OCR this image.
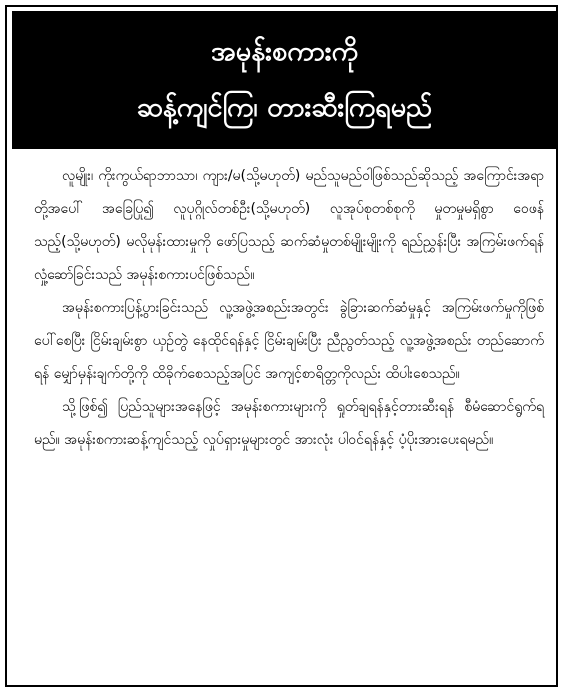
အမုန်းစကားကို
ဆန့်ကျင်ကြ၊ တားဆီးကြရမည်

လူမျိုး၊ ကိုးကွယ်ရာဘာသာ၊ ကျား/မ(သို့မဟုတ်) မည်သူမည်ဝါဖြစ်သည်ဆိုသည့် အကြောင်းအရာတို့အပေါ် အခြေပြု၍ လူပုဂ္ဂိုလ်တစ်ဦး(သို့မဟုတ်) လူအုပ်စုတစ်စုကို မှုတမှုမရှိစွာ ဝေဖန်သည့်(သို့မဟုတ်) မလိုမုန်းထားမှုကို ဖော်ပြသည့် ဆက်ဆံမှုတစ်မျိုးမျိုးကို ရည်ညွှန်းပြီး အကြမ်းဖက်ရန် လှုံ့ဆော်ခြင်းသည် အမုန်းစကားပင်ဖြစ်သည်။

အမုန်းစကားပြန့်ပွားခြင်းသည် လူ့အဖွဲ့အစည်းအတွင်း ခွဲခြားဆက်ဆံမှုနှင့် အကြမ်းဖက်မှုကိုဖြစ်ပေါ်စေပြီး ငြိမ်းချမ်းစွာ ယှဉ်တွဲ နေထိုင်ရန်နှင့် ငြိမ်းချမ်းပြီး ညီညွတ်သည့် လူ့အဖွဲ့အစည်း တည်ဆောက်ရန် မျှော်မှန်းချက်တို့ကို ထိခိုက်စေသည့်အပြင် အကျင့်စာရိတ္တကိုလည်း ထိပါးစေသည်။

သို့ဖြစ်၍ ပြည်သူများအနေဖြင့် အမုန်းစကားများကို ရှုတ်ချရန်နှင့်တားဆီးရန် စီမံဆောင်ရွက်ရမည်။ အမုန်းစကားဆန့်ကျင်သည့် လှုပ်ရှားမှုများတွင် အားလုံး ပါဝင်ရန်နှင့် ပံ့ပိုးအားပေးရမည်။
